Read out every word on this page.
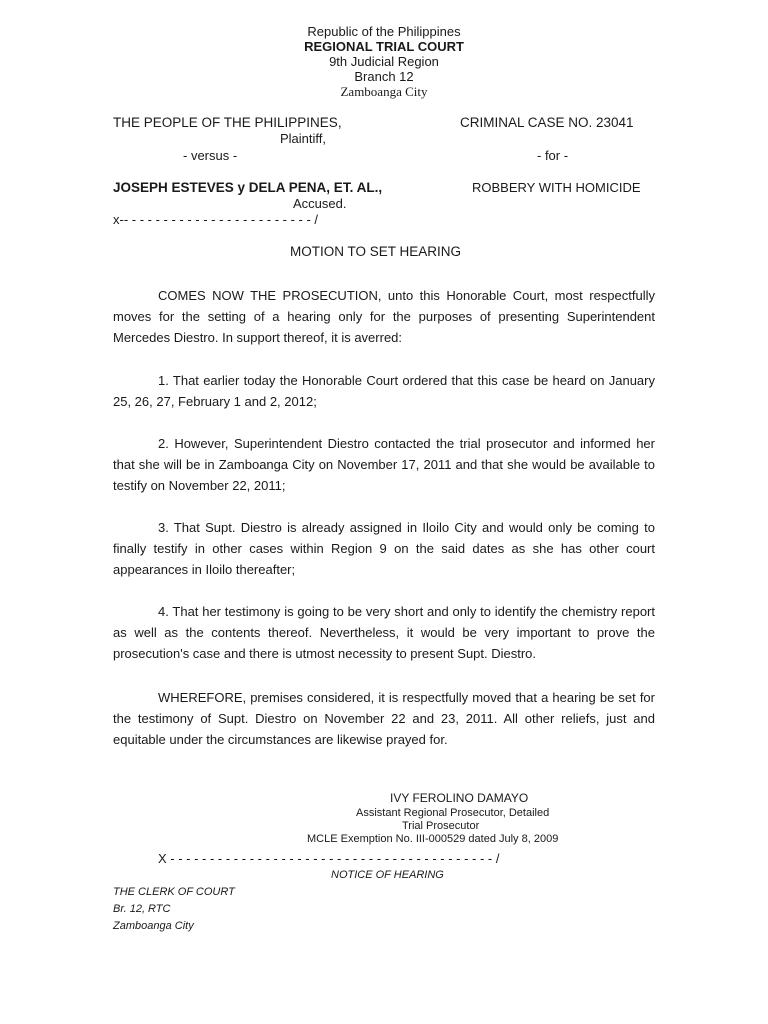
Republic of the Philippines
REGIONAL TRIAL COURT
9th Judicial Region
Branch 12
Zamboanga City
THE PEOPLE OF THE PHILIPPINES,
Plaintiff,
- versus -
JOSEPH ESTEVES y DELA PENA, ET. AL.,
Accused.
x-- - - - - - - - - - - - - - - - - - - - - - - - /
CRIMINAL CASE NO. 23041
- for -
ROBBERY WITH HOMICIDE
MOTION TO SET HEARING
COMES NOW THE PROSECUTION, unto this Honorable Court, most respectfully moves for the setting of a hearing only for the purposes of presenting Superintendent Mercedes Diestro. In support thereof, it is averred:
1. That earlier today the Honorable Court ordered that this case be heard on January 25, 26, 27, February 1 and 2, 2012;
2. However, Superintendent Diestro contacted the trial prosecutor and informed her that she will be in Zamboanga City on November 17, 2011 and that she would be available to testify on November 22, 2011;
3. That Supt. Diestro is already assigned in Iloilo City and would only be coming to finally testify in other cases within Region 9 on the said dates as she has other court appearances in Iloilo thereafter;
4. That her testimony is going to be very short and only to identify the chemistry report as well as the contents thereof. Nevertheless, it would be very important to prove the prosecution's case and there is utmost necessity to present Supt. Diestro.
WHEREFORE, premises considered, it is respectfully moved that a hearing be set for the testimony of Supt. Diestro on November 22 and 23, 2011. All other reliefs, just and equitable under the circumstances are likewise prayed for.
IVY FEROLINO DAMAYO
Assistant Regional Prosecutor, Detailed
Trial Prosecutor
MCLE Exemption No. III-000529 dated July 8, 2009
X - - - - - - - - - - - - - - - - - - - - - - - - - - - - - - - - - - - - - - - - - /
NOTICE OF HEARING
THE CLERK OF COURT
Br. 12, RTC
Zamboanga City
